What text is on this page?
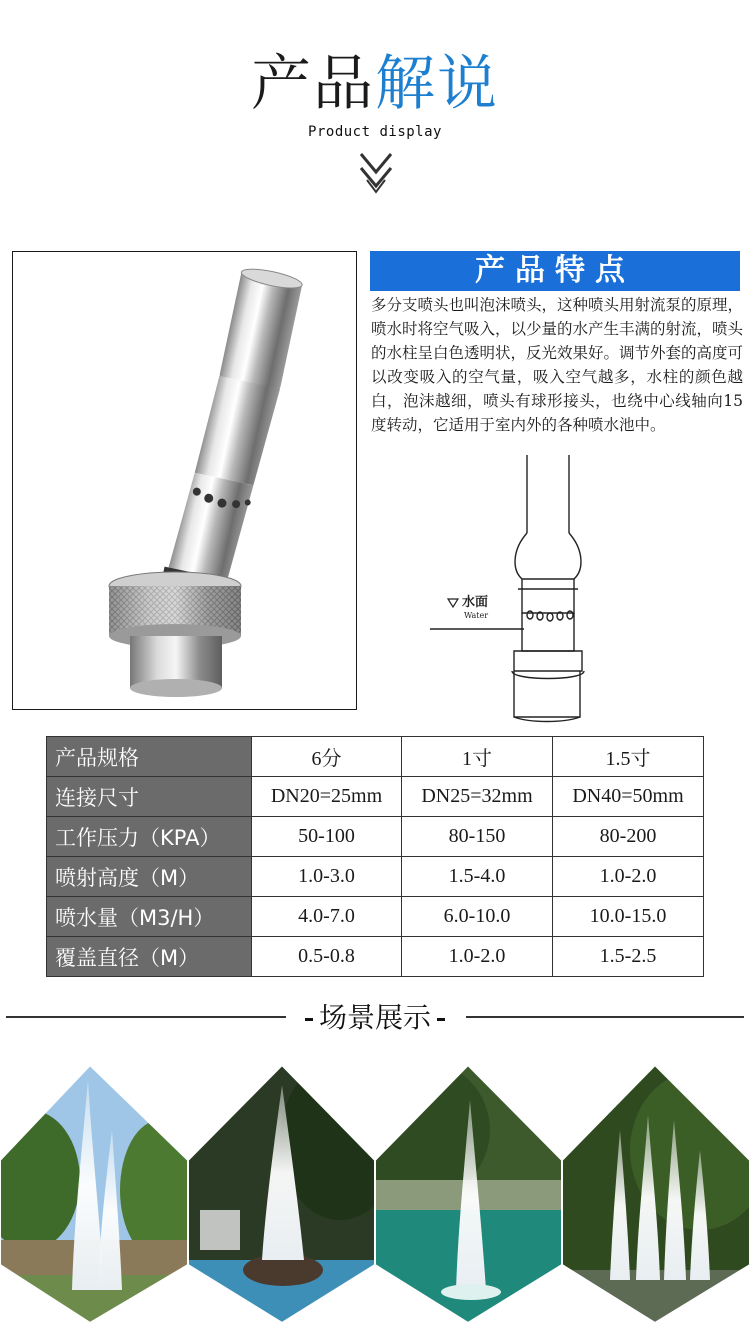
产品解说
Product display
产品特点
多分支喷头也叫泡沫喷头，这种喷头用射流泵的原理，喷水时将空气吸入，以少量的水产生丰满的射流，喷头的水柱呈白色透明状，反光效果好。调节外套的高度可以改变吸入的空气量，吸入空气越多，水柱的颜色越白，泡沫越细，喷头有球形接头，也绕中心线轴向15度转动，它适用于室内外的各种喷水池中。
水面
Water
产品规格	6分	1寸	1.5寸
连接尺寸	DN20=25mm	DN25=32mm	DN40=50mm
工作压力（KPA）	50-100	80-150	80-200
喷射高度（M）	1.0-3.0	1.5-4.0	1.0-2.0
喷水量（M3/H）	4.0-7.0	6.0-10.0	10.0-15.0
覆盖直径（M）	0.5-0.8	1.0-2.0	1.5-2.5
场景展示
